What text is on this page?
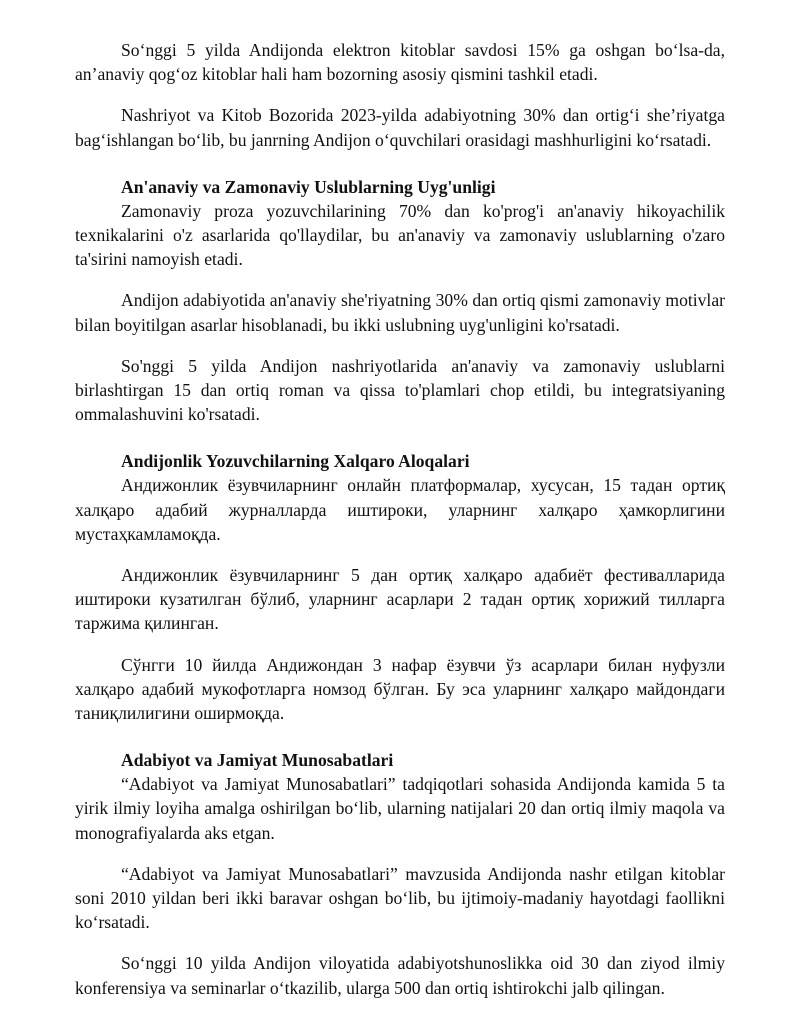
So‘nggi 5 yilda Andijonda elektron kitoblar savdosi 15% ga oshgan bo‘lsa-da, an’anaviy qog‘oz kitoblar hali ham bozorning asosiy qismini tashkil etadi.

Nashriyot va Kitob Bozorida 2023-yilda adabiyotning 30% dan ortig‘i she’riyatga bag‘ishlangan bo‘lib, bu janrning Andijon o‘quvchilari orasidagi mashhurligini ko‘rsatadi.

An'anaviy va Zamonaviy Uslublarning Uyg'unligi

Zamonaviy proza yozuvchilarining 70% dan ko'prog'i an'anaviy hikoyachilik texnikalarini o'z asarlarida qo'llaydilar, bu an'anaviy va zamonaviy uslublarning o'zaro ta'sirini namoyish etadi.

Andijon adabiyotida an'anaviy she'riyatning 30% dan ortiq qismi zamonaviy motivlar bilan boyitilgan asarlar hisoblanadi, bu ikki uslubning uyg'unligini ko'rsatadi.

So'nggi 5 yilda Andijon nashriyotlarida an'anaviy va zamonaviy uslublarni birlashtirgan 15 dan ortiq roman va qissa to'plamlari chop etildi, bu integratsiyaning ommalashuvini ko'rsatadi.

Andijonlik Yozuvchilarning Xalqaro Aloqalari

Андижонлик ёзувчиларнинг онлайн платформалар, хусусан, 15 тадан ортиқ халқаро адабий журналларда иштироки, уларнинг халқаро ҳамкорлигини мустаҳкамламоқда.

Андижонлик ёзувчиларнинг 5 дан ортиқ халқаро адабиёт фестивалларида иштироки кузатилган бўлиб, уларнинг асарлари 2 тадан ортиқ хорижий тилларга таржима қилинган.

Сўнгги 10 йилда Андижондан 3 нафар ёзувчи ўз асарлари билан нуфузли халқаро адабий мукофотларга номзод бўлган. Бу эса уларнинг халқаро майдондаги таниқлилигини оширмоқда.

Adabiyot va Jamiyat Munosabatlari

“Adabiyot va Jamiyat Munosabatlari” tadqiqotlari sohasida Andijonda kamida 5 ta yirik ilmiy loyiha amalga oshirilgan bo‘lib, ularning natijalari 20 dan ortiq ilmiy maqola va monografiyalarda aks etgan.

“Adabiyot va Jamiyat Munosabatlari” mavzusida Andijonda nashr etilgan kitoblar soni 2010 yildan beri ikki baravar oshgan bo‘lib, bu ijtimoiy-madaniy hayotdagi faollikni ko‘rsatadi.

So‘nggi 10 yilda Andijon viloyatida adabiyotshunoslikka oid 30 dan ziyod ilmiy konferensiya va seminarlar o‘tkazilib, ularga 500 dan ortiq ishtirokchi jalb qilingan.
